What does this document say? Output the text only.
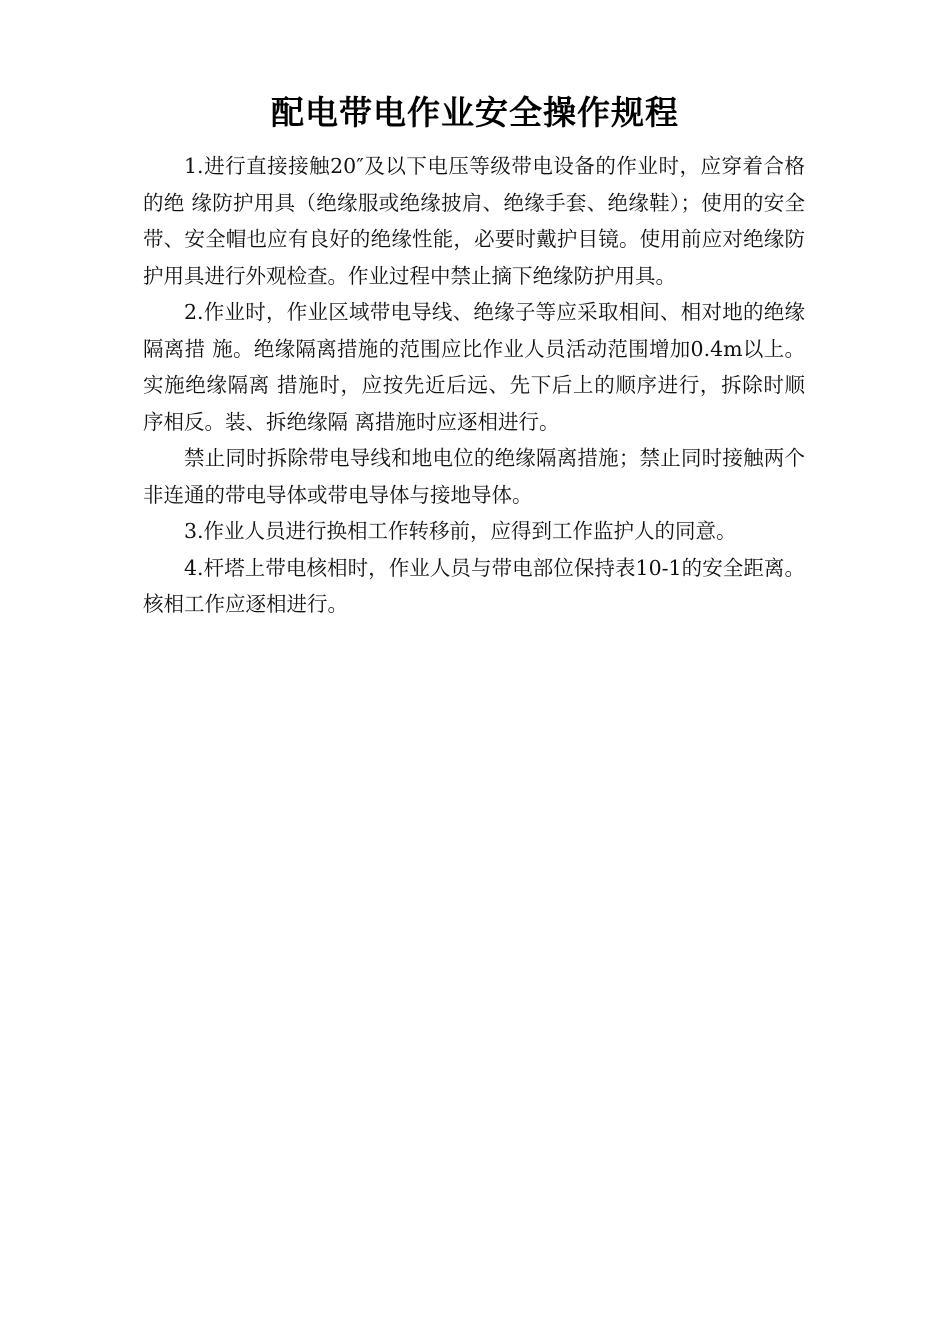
配电带电作业安全操作规程

1.进行直接接触20″及以下电压等级带电设备的作业时，应穿着合格的绝 缘防护用具（绝缘服或绝缘披肩、绝缘手套、绝缘鞋）；使用的安全带、安全帽也应有良好的绝缘性能，必要时戴护目镜。使用前应对绝缘防护用具进行外观检查。作业过程中禁止摘下绝缘防护用具。

2.作业时，作业区域带电导线、绝缘子等应采取相间、相对地的绝缘隔离措 施。绝缘隔离措施的范围应比作业人员活动范围增加0.4m以上。实施绝缘隔离 措施时，应按先近后远、先下后上的顺序进行，拆除时顺序相反。装、拆绝缘隔 离措施时应逐相进行。

禁止同时拆除带电导线和地电位的绝缘隔离措施；禁止同时接触两个非连通的带电导体或带电导体与接地导体。

3.作业人员进行换相工作转移前，应得到工作监护人的同意。

4.杆塔上带电核相时，作业人员与带电部位保持表10-1的安全距离。核相工作应逐相进行。
